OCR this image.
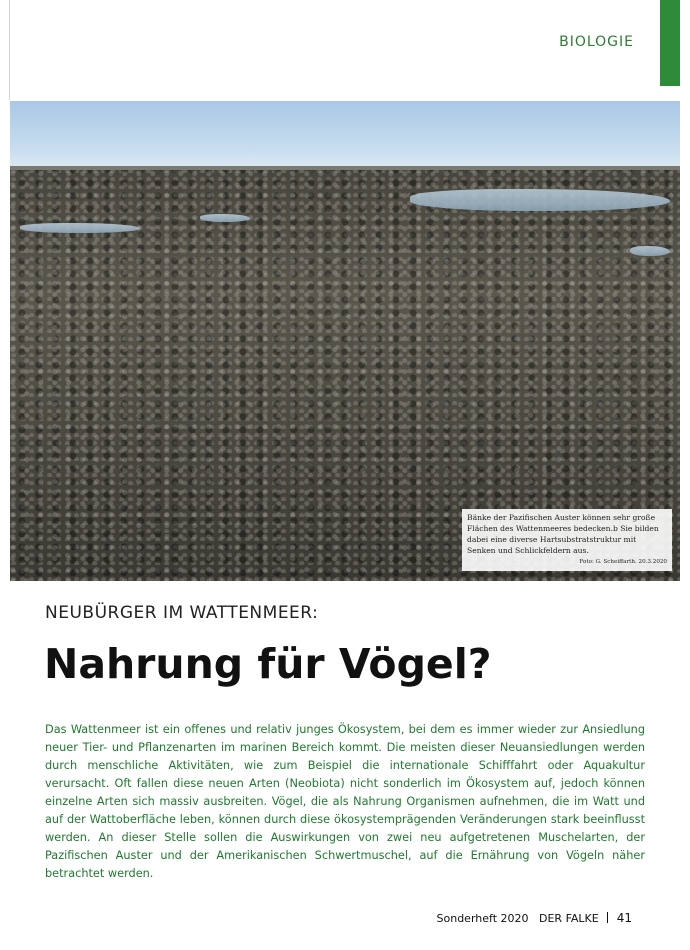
BIOLOGIE
Bänke der Pazifischen Auster können sehr große Flächen des Wattenmeeres bedecken.b Sie bilden dabei eine diverse Hartsubstratstruktur mit Senken und Schlickfeldern aus.
Foto: G. Scheiffarth. 20.3.2020
NEUBÜRGER IM WATTENMEER:
Nahrung für Vögel?

Das Wattenmeer ist ein offenes und relativ junges Ökosystem, bei dem es immer wieder zur Ansiedlung neuer Tier- und Pflanzenarten im marinen Bereich kommt. Die meisten dieser Neuansiedlungen werden durch menschliche Aktivitäten, wie zum Beispiel die internationale Schifffahrt oder Aquakultur verursacht. Oft fallen diese neuen Arten (Neobiota) nicht sonderlich im Ökosystem auf, jedoch können einzelne Arten sich massiv ausbreiten. Vögel, die als Nahrung Organismen aufnehmen, die im Watt und auf der Wattoberfläche leben, können durch diese ökosystemprägenden Veränderungen stark beeinflusst werden. An dieser Stelle sollen die Auswirkungen von zwei neu aufgetretenen Muschelarten, der Pazifischen Auster und der Amerikanischen Schwertmuschel, auf die Ernährung von Vögeln näher betrachtet werden.

Sonderheft 2020 DER FALKE 41
